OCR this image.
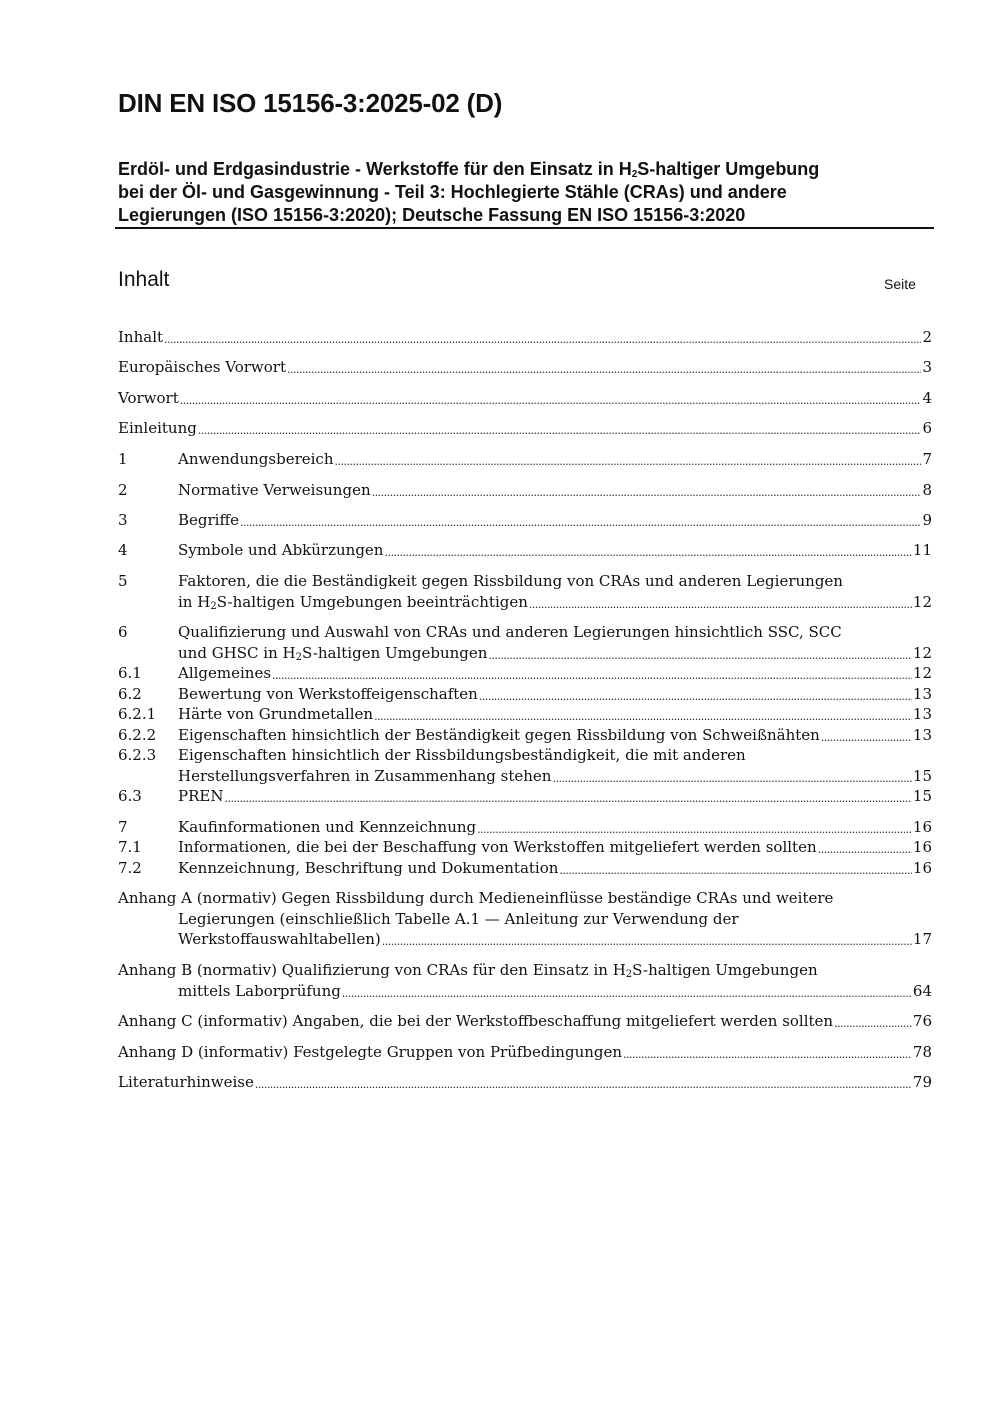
DIN EN ISO 15156-3:2025-02 (D)
Erdöl- und Erdgasindustrie - Werkstoffe für den Einsatz in $H_2S$-haltiger Umgebung
bei der Öl- und Gasgewinnung - Teil 3: Hochlegierte Stähle (CRAs) und andere
Legierungen (ISO 15156-3:2020); Deutsche Fassung EN ISO 15156-3:2020
Inhalt	Seite
Inhalt .....	2
Europäisches Vorwort .....	3
Vorwort .....	4
Einleitung .....	6
1	Anwendungsbereich .....	7
2	Normative Verweisungen .....	8
3	Begriffe .....	9
4	Symbole und Abkürzungen .....	11
5	Faktoren, die die Beständigkeit gegen Rissbildung von CRAs und anderen Legierungen
in $H_2S$-haltigen Umgebungen beeinträchtigen .....	12
6	Qualifizierung und Auswahl von CRAs und anderen Legierungen hinsichtlich SSC, SCC
und GHSC in $H_2S$-haltigen Umgebungen .....	12
6.1 Allgemeines .....	12
6.2 Bewertung von Werkstoffeigenschaften .....	13
6.2.1 Härte von Grundmetallen .....	13
6.2.2 Eigenschaften hinsichtlich der Beständigkeit gegen Rissbildung von Schweißnähten .....	13
6.2.3 Eigenschaften hinsichtlich der Rissbildungsbeständigkeit, die mit anderen
Herstellungsverfahren in Zusammenhang stehen .....	15
6.3 PREN .....	15
7	Kaufinformationen und Kennzeichnung .....	16
7.1 Informationen, die bei der Beschaffung von Werkstoffen mitgeliefert werden sollten .....	16
7.2 Kennzeichnung, Beschriftung und Dokumentation .....	16
Anhang A (normativ) Gegen Rissbildung durch Medieneinflüsse beständige CRAs und weitere
Legierungen (einschließlich Tabelle A.1 — Anleitung zur Verwendung der
Werkstoffauswahltabellen) .....	17
Anhang B (normativ) Qualifizierung von CRAs für den Einsatz in $H_2S$-haltigen Umgebungen
mittels Laborprüfung .....	64
Anhang C (informativ) Angaben, die bei der Werkstoffbeschaffung mitgeliefert werden sollten .....	76
Anhang D (informativ) Festgelegte Gruppen von Prüfbedingungen .....	78
Literaturhinweise .....	79
